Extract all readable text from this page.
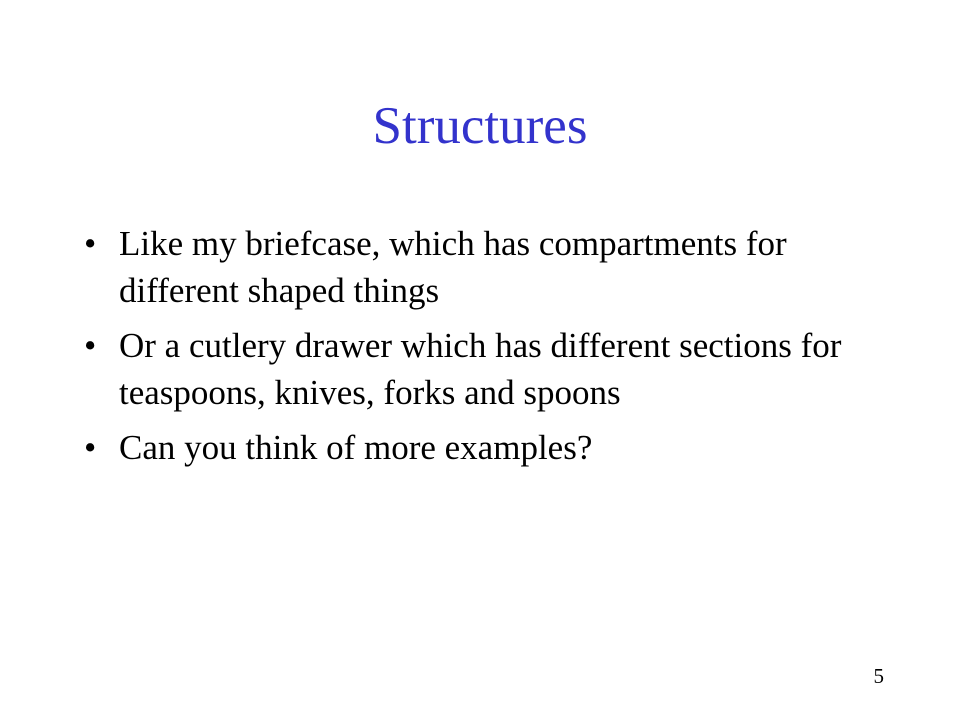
Structures
• Like my briefcase, which has compartments for different shaped things
• Or a cutlery drawer which has different sections for teaspoons, knives, forks and spoons
• Can you think of more examples?
5
